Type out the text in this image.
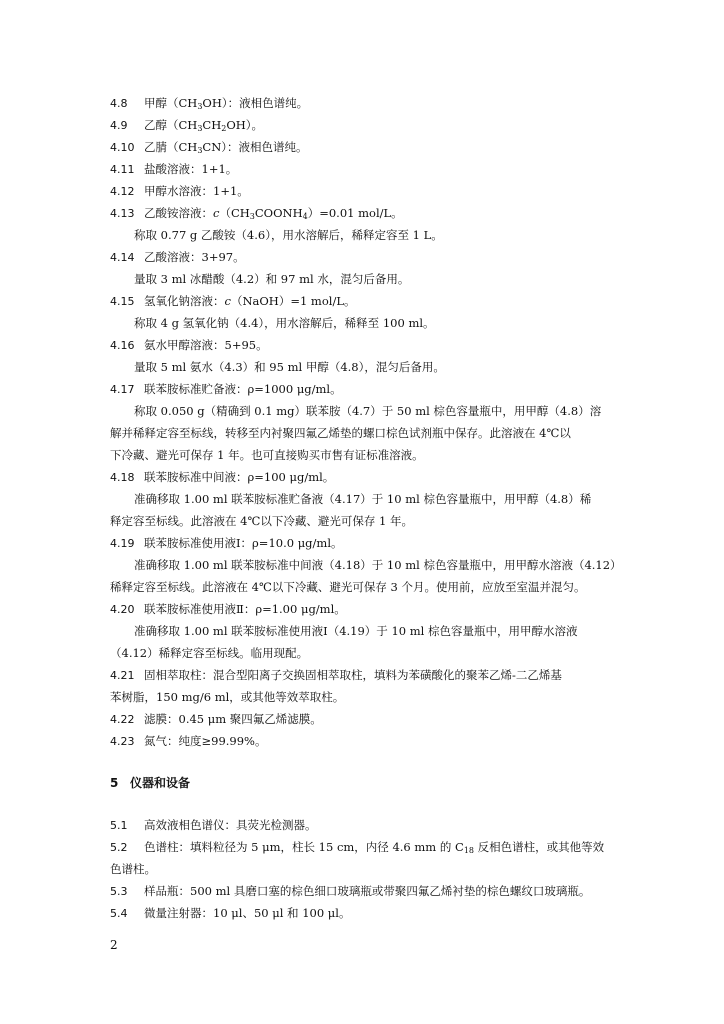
4.8 甲醇$(CH_3OH)$：液相色谱纯。
4.9 乙醇$(CH_3CH_2OH)$。
4.10 乙腈$(CH_3CN)$：液相色谱纯。
4.11 盐酸溶液：1+1。
4.12 甲醇水溶液：1+1。
4.13 乙酸铵溶液：$c(CH_3COONH_4)=0.01$ mol/L。
称取 0.77 g 乙酸铵（4.6），用水溶解后，稀释定容至 1 L。
4.14 乙酸溶液：3+97。
量取 3 ml 冰醋酸（4.2）和 97 ml 水，混匀后备用。
4.15 氢氧化钠溶液：c（NaOH）=1 mol/L。
称取 4 g 氢氧化钠（4.4），用水溶解后，稀释至 100 ml。
4.16 氨水甲醇溶液：5+95。
量取 5 ml 氨水（4.3）和 95 ml 甲醇（4.8），混匀后备用。
4.17 联苯胺标准贮备液：ρ=1000 μg/ml。
称取 0.050 g（精确到 0.1 mg）联苯胺（4.7）于 50 ml 棕色容量瓶中，用甲醇（4.8）溶
解并稀释定容至标线，转移至内衬聚四氟乙烯垫的螺口棕色试剂瓶中保存。此溶液在 4℃以
下冷藏、避光可保存 1 年。也可直接购买市售有证标准溶液。
4.18 联苯胺标准中间液：ρ=100 μg/ml。
准确移取 1.00 ml 联苯胺标准贮备液（4.17）于 10 ml 棕色容量瓶中，用甲醇（4.8）稀
释定容至标线。此溶液在 4℃以下冷藏、避光可保存 1 年。
4.19 联苯胺标准使用液Ⅰ：ρ=10.0 μg/ml。
准确移取 1.00 ml 联苯胺标准中间液（4.18）于 10 ml 棕色容量瓶中，用甲醇水溶液（4.12）
稀释定容至标线。此溶液在 4℃以下冷藏、避光可保存 3 个月。使用前，应放至室温并混匀。
4.20 联苯胺标准使用液Ⅱ：ρ=1.00 μg/ml。
准确移取 1.00 ml 联苯胺标准使用液Ⅰ（4.19）于 10 ml 棕色容量瓶中，用甲醇水溶液
（4.12）稀释定容至标线。临用现配。
4.21 固相萃取柱：混合型阳离子交换固相萃取柱，填料为苯磺酸化的聚苯乙烯-二乙烯基
苯树脂，150 mg/6 ml，或其他等效萃取柱。
4.22 滤膜：0.45 μm 聚四氟乙烯滤膜。
4.23 氮气：纯度≥99.99%。
5 仪器和设备
5.1 高效液相色谱仪：具荧光检测器。
5.2 色谱柱：填料粒径为 5 μm，柱长 15 cm，内径 4.6 mm 的 $C_{18}$ 反相色谱柱，或其他等效
色谱柱。
5.3 样品瓶：500 ml 具磨口塞的棕色细口玻璃瓶或带聚四氟乙烯衬垫的棕色螺纹口玻璃瓶。
5.4 微量注射器：10 μl、50 μl 和 100 μl。
2
